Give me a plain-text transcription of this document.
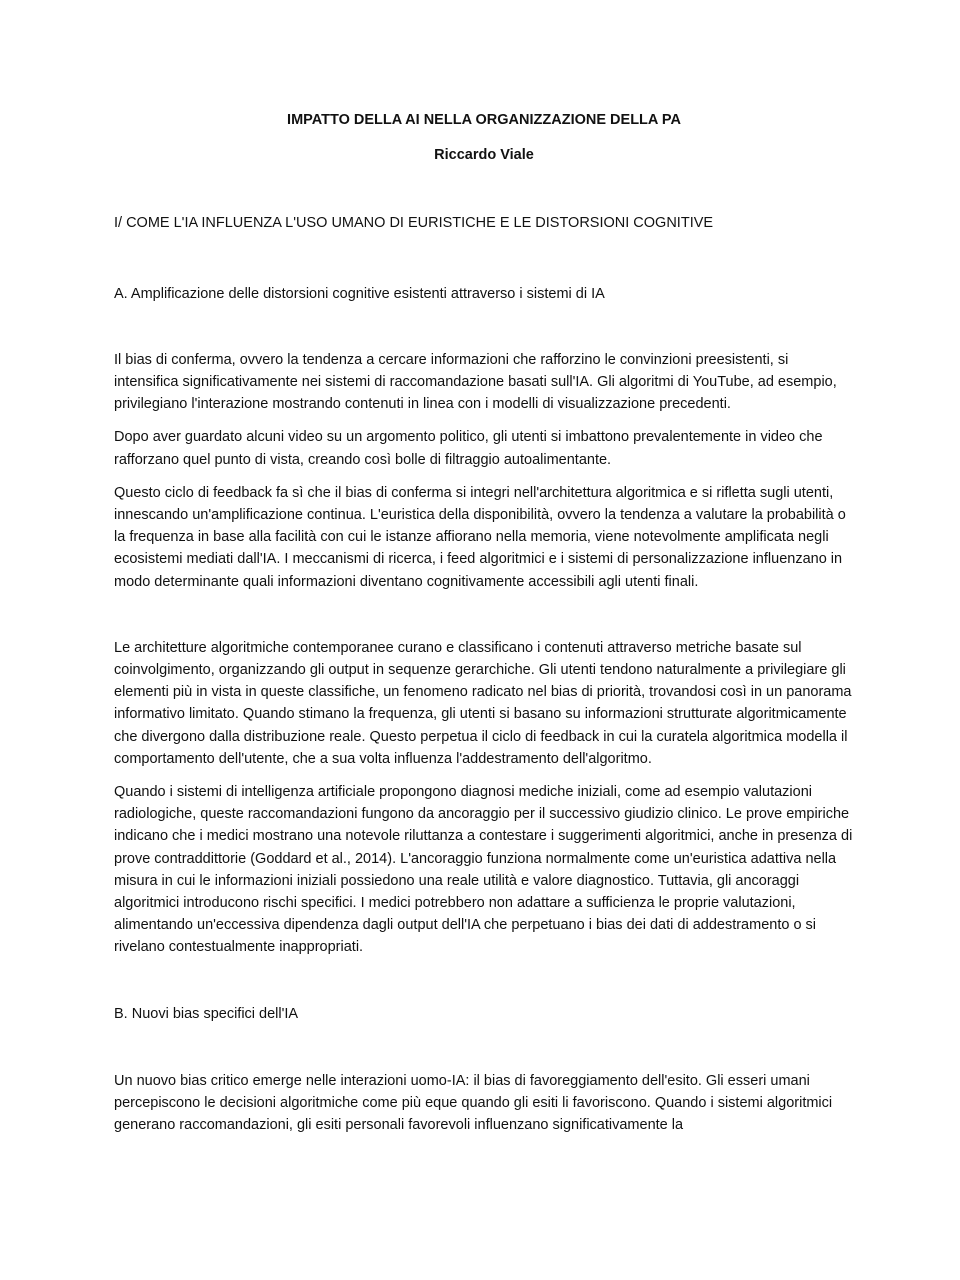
IMPATTO DELLA AI NELLA ORGANIZZAZIONE DELLA PA

Riccardo Viale

I/ COME L'IA INFLUENZA L'USO UMANO DI EURISTICHE E LE DISTORSIONI COGNITIVE

A. Amplificazione delle distorsioni cognitive esistenti attraverso i sistemi di IA

Il bias di conferma, ovvero la tendenza a cercare informazioni che rafforzino le convinzioni preesistenti, si intensifica significativamente nei sistemi di raccomandazione basati sull'IA. Gli algoritmi di YouTube, ad esempio, privilegiano l'interazione mostrando contenuti in linea con i modelli di visualizzazione precedenti.

Dopo aver guardato alcuni video su un argomento politico, gli utenti si imbattono prevalentemente in video che rafforzano quel punto di vista, creando così bolle di filtraggio autoalimentante.

Questo ciclo di feedback fa sì che il bias di conferma si integri nell'architettura algoritmica e si rifletta sugli utenti, innescando un'amplificazione continua. L'euristica della disponibilità, ovvero la tendenza a valutare la probabilità o la frequenza in base alla facilità con cui le istanze affiorano nella memoria, viene notevolmente amplificata negli ecosistemi mediati dall'IA. I meccanismi di ricerca, i feed algoritmici e i sistemi di personalizzazione influenzano in modo determinante quali informazioni diventano cognitivamente accessibili agli utenti finali.

Le architetture algoritmiche contemporanee curano e classificano i contenuti attraverso metriche basate sul coinvolgimento, organizzando gli output in sequenze gerarchiche. Gli utenti tendono naturalmente a privilegiare gli elementi più in vista in queste classifiche, un fenomeno radicato nel bias di priorità, trovandosi così in un panorama informativo limitato. Quando stimano la frequenza, gli utenti si basano su informazioni strutturate algoritmicamente che divergono dalla distribuzione reale. Questo perpetua il ciclo di feedback in cui la curatela algoritmica modella il comportamento dell'utente, che a sua volta influenza l'addestramento dell'algoritmo.

Quando i sistemi di intelligenza artificiale propongono diagnosi mediche iniziali, come ad esempio valutazioni radiologiche, queste raccomandazioni fungono da ancoraggio per il successivo giudizio clinico. Le prove empiriche indicano che i medici mostrano una notevole riluttanza a contestare i suggerimenti algoritmici, anche in presenza di prove contraddittorie (Goddard et al., 2014). L'ancoraggio funziona normalmente come un'euristica adattiva nella misura in cui le informazioni iniziali possiedono una reale utilità e valore diagnostico. Tuttavia, gli ancoraggi algoritmici introducono rischi specifici. I medici potrebbero non adattare a sufficienza le proprie valutazioni, alimentando un'eccessiva dipendenza dagli output dell'IA che perpetuano i bias dei dati di addestramento o si rivelano contestualmente inappropriati.

B. Nuovi bias specifici dell'IA

Un nuovo bias critico emerge nelle interazioni uomo-IA: il bias di favoreggiamento dell'esito. Gli esseri umani percepiscono le decisioni algoritmiche come più eque quando gli esiti li favoriscono. Quando i sistemi algoritmici generano raccomandazioni, gli esiti personali favorevoli influenzano significativamente la
